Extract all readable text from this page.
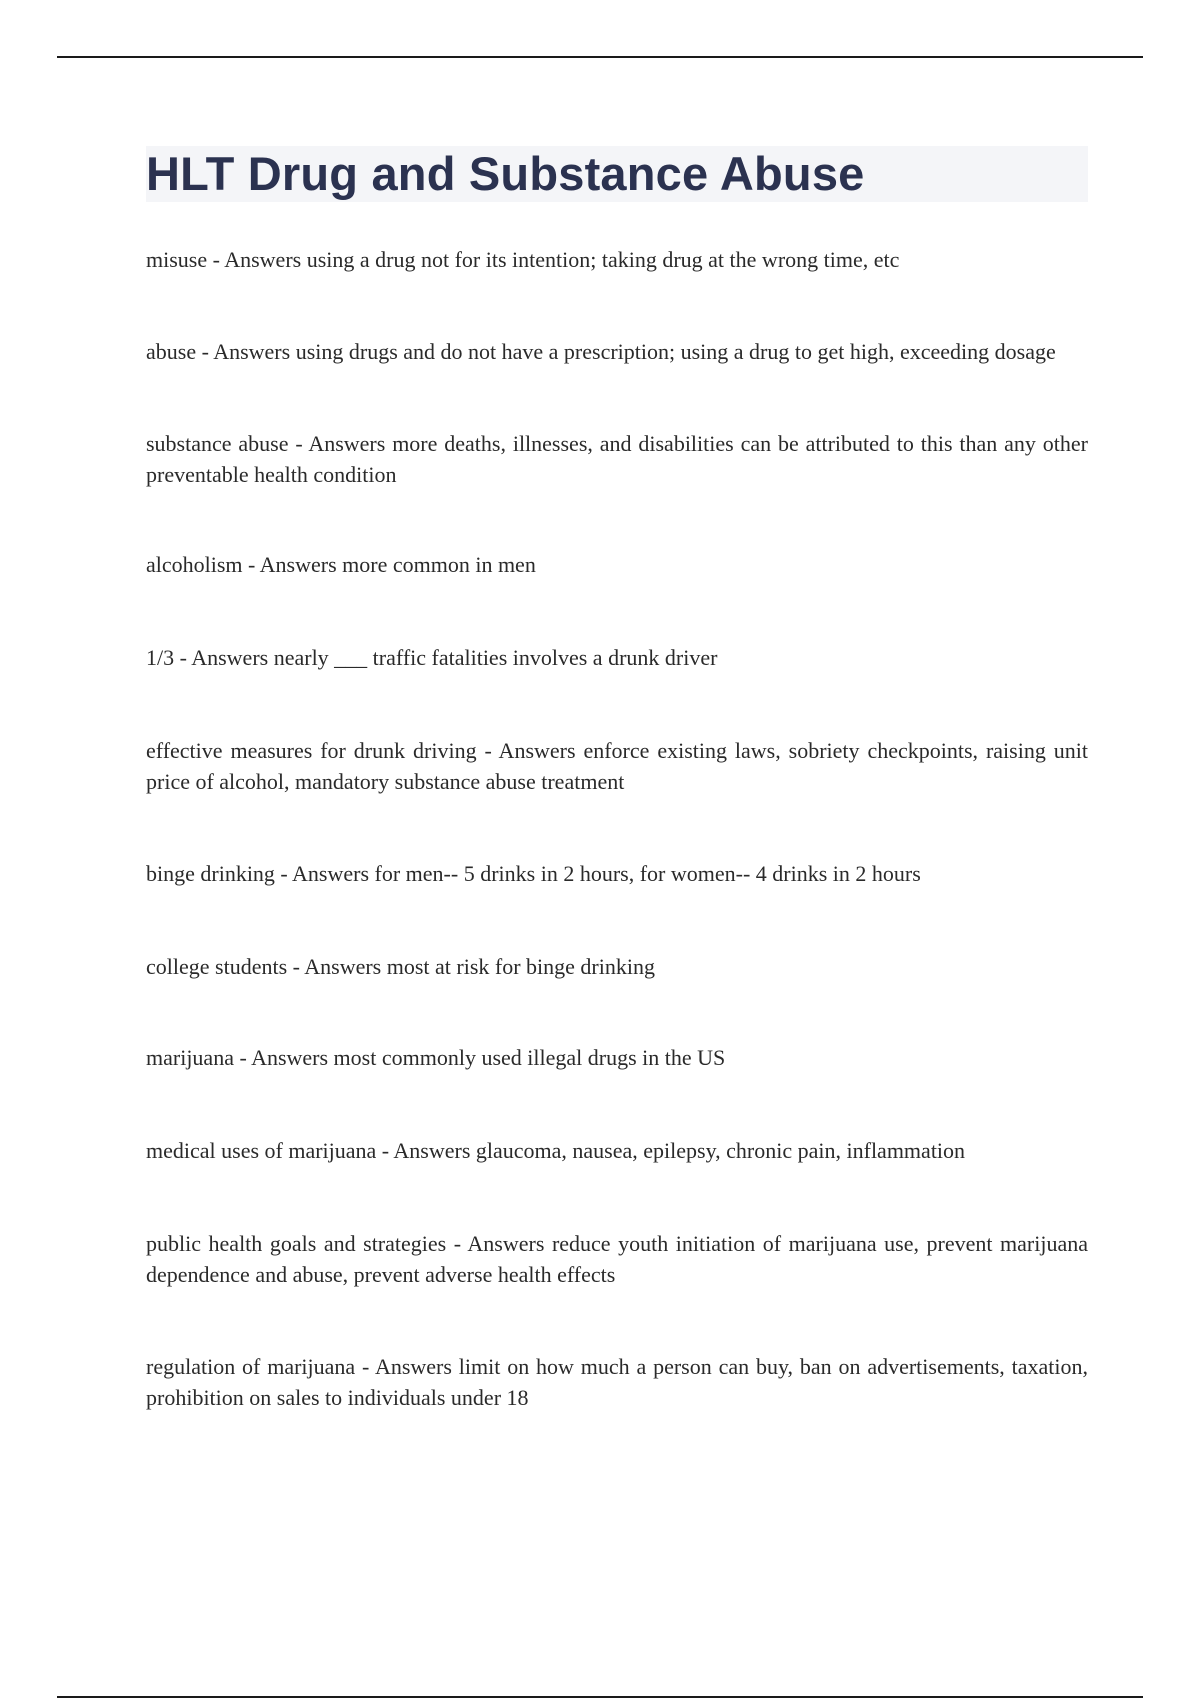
HLT Drug and Substance Abuse

misuse - Answers using a drug not for its intention; taking drug at the wrong time, etc

abuse - Answers using drugs and do not have a prescription; using a drug to get high, exceeding dosage

substance abuse - Answers more deaths, illnesses, and disabilities can be attributed to this than any other preventable health condition

alcoholism - Answers more common in men

1/3 - Answers nearly ___ traffic fatalities involves a drunk driver

effective measures for drunk driving - Answers enforce existing laws, sobriety checkpoints, raising unit price of alcohol, mandatory substance abuse treatment

binge drinking - Answers for men-- 5 drinks in 2 hours, for women-- 4 drinks in 2 hours

college students - Answers most at risk for binge drinking

marijuana - Answers most commonly used illegal drugs in the US

medical uses of marijuana - Answers glaucoma, nausea, epilepsy, chronic pain, inflammation

public health goals and strategies - Answers reduce youth initiation of marijuana use, prevent marijuana dependence and abuse, prevent adverse health effects

regulation of marijuana - Answers limit on how much a person can buy, ban on advertisements, taxation, prohibition on sales to individuals under 18
